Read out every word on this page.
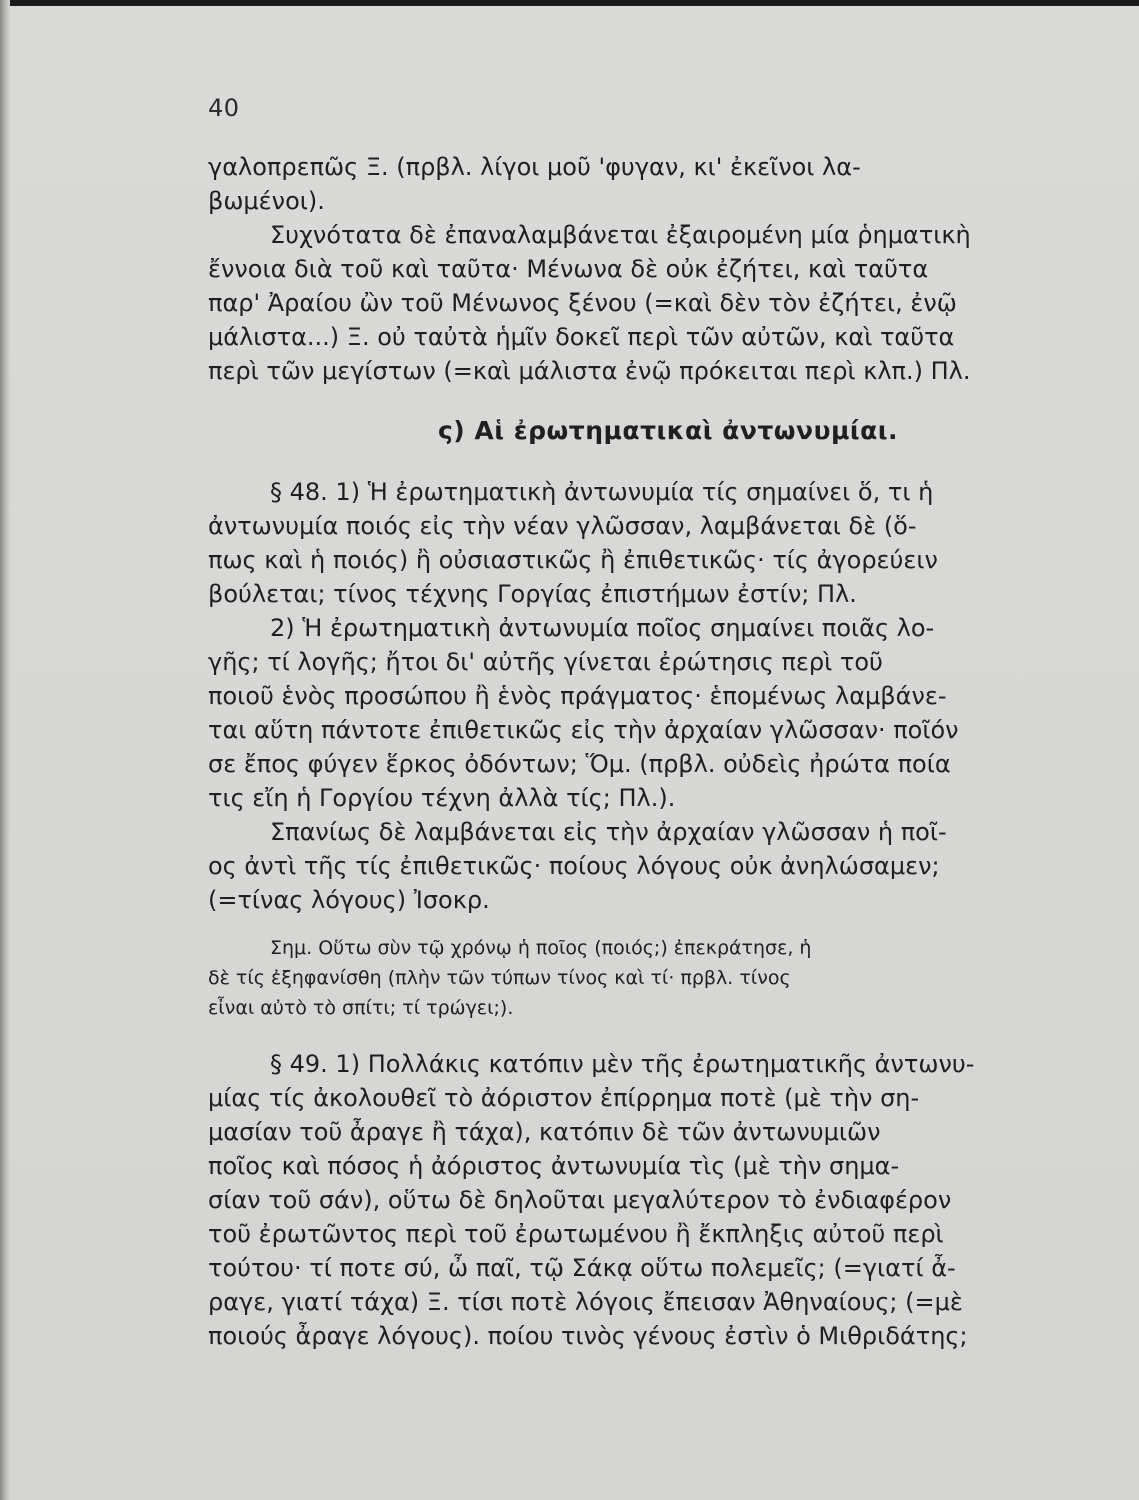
40
γαλοπρεπῶς Ξ. (πρβλ. λίγοι μοῦ 'φυγαν, κι' ἐκεῖνοι λα-
βωμένοι).
Συχνότατα δὲ ἐπαναλαμβάνεται ἐξαιρομένη μία ῥηματικὴ
ἔννοια διὰ τοῦ καὶ ταῦτα· Μένωνα δὲ οὐκ ἐζήτει, καὶ ταῦτα
παρ' Ἀραίου ὢν τοῦ Μένωνος ξένου (=καὶ δὲν τὸν ἐζήτει, ἐνῷ
μάλιστα...) Ξ. οὐ ταὐτὰ ἡμῖν δοκεῖ περὶ τῶν αὐτῶν, καὶ ταῦτα
περὶ τῶν μεγίστων (=καὶ μάλιστα ἐνῷ πρόκειται περὶ κλπ.) Πλ.
ς) Αἱ ἐρωτηματικαὶ ἀντωνυμίαι.
§ 48. 1) Ἡ ἐρωτηματικὴ ἀντωνυμία τίς σημαίνει ὅ, τι ἡ
ἀντωνυμία ποιός εἰς τὴν νέαν γλῶσσαν, λαμβάνεται δὲ (ὅ-
πως καὶ ἡ ποιός) ἢ οὐσιαστικῶς ἢ ἐπιθετικῶς· τίς ἀγορεύειν
βούλεται; τίνος τέχνης Γοργίας ἐπιστήμων ἐστίν; Πλ.
2) Ἡ ἐρωτηματικὴ ἀντωνυμία ποῖος σημαίνει ποιᾶς λο-
γῆς; τί λογῆς; ἤτοι δι' αὐτῆς γίνεται ἐρώτησις περὶ τοῦ
ποιοῦ ἑνὸς προσώπου ἢ ἑνὸς πράγματος· ἑπομένως λαμβάνε-
ται αὕτη πάντοτε ἐπιθετικῶς εἰς τὴν ἀρχαίαν γλῶσσαν· ποῖόν
σε ἔπος φύγεν ἕρκος ὀδόντων; Ὅμ. (πρβλ. οὐδεὶς ἠρώτα ποία
τις εἴη ἡ Γοργίου τέχνη ἀλλὰ τίς; Πλ.).
Σπανίως δὲ λαμβάνεται εἰς τὴν ἀρχαίαν γλῶσσαν ἡ ποῖ-
ος ἀντὶ τῆς τίς ἐπιθετικῶς· ποίους λόγους οὐκ ἀνηλώσαμεν;
(=τίνας λόγους) Ἰσοκρ.
Σημ. Οὕτω σὺν τῷ χρόνῳ ἡ ποῖος (ποιός;) ἐπεκράτησε, ἡ
δὲ τίς ἐξηφανίσθη (πλὴν τῶν τύπων τίνος καὶ τί· πρβλ. τίνος
εἶναι αὐτὸ τὸ σπίτι; τί τρώγει;).
§ 49. 1) Πολλάκις κατόπιν μὲν τῆς ἐρωτηματικῆς ἀντωνυ-
μίας τίς ἀκολουθεῖ τὸ ἀόριστον ἐπίρρημα ποτὲ (μὲ τὴν ση-
μασίαν τοῦ ἆραγε ἢ τάχα), κατόπιν δὲ τῶν ἀντωνυμιῶν
ποῖος καὶ πόσος ἡ ἀόριστος ἀντωνυμία τὶς (μὲ τὴν σημα-
σίαν τοῦ σάν), οὕτω δὲ δηλοῦται μεγαλύτερον τὸ ἐνδιαφέρον
τοῦ ἐρωτῶντος περὶ τοῦ ἐρωτωμένου ἢ ἔκπληξις αὐτοῦ περὶ
τούτου· τί ποτε σύ, ὦ παῖ, τῷ Σάκᾳ οὕτω πολεμεῖς; (=γιατί ἆ-
ραγε, γιατί τάχα) Ξ. τίσι ποτὲ λόγοις ἔπεισαν Ἀθηναίους; (=μὲ
ποιούς ἆραγε λόγους). ποίου τινὸς γένους ἐστὶν ὁ Μιθριδάτης;
